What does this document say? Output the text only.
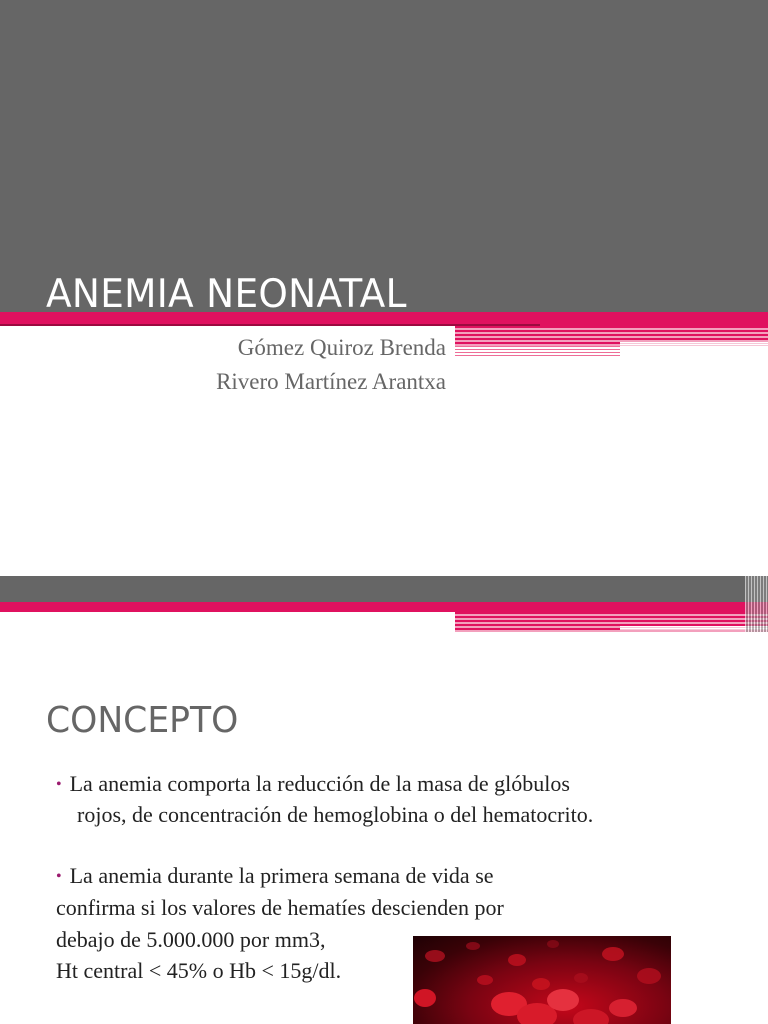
ANEMIA NEONATAL
Gómez Quiroz Brenda
Rivero Martínez Arantxa
CONCEPTO
• La anemia comporta la reducción de la masa de glóbulos
rojos, de concentración de hemoglobina o del hematocrito.
• La anemia durante la primera semana de vida se
confirma si los valores de hematíes descienden por
debajo de 5.000.000 por mm3,
Ht central < 45% o Hb < 15g/dl.
